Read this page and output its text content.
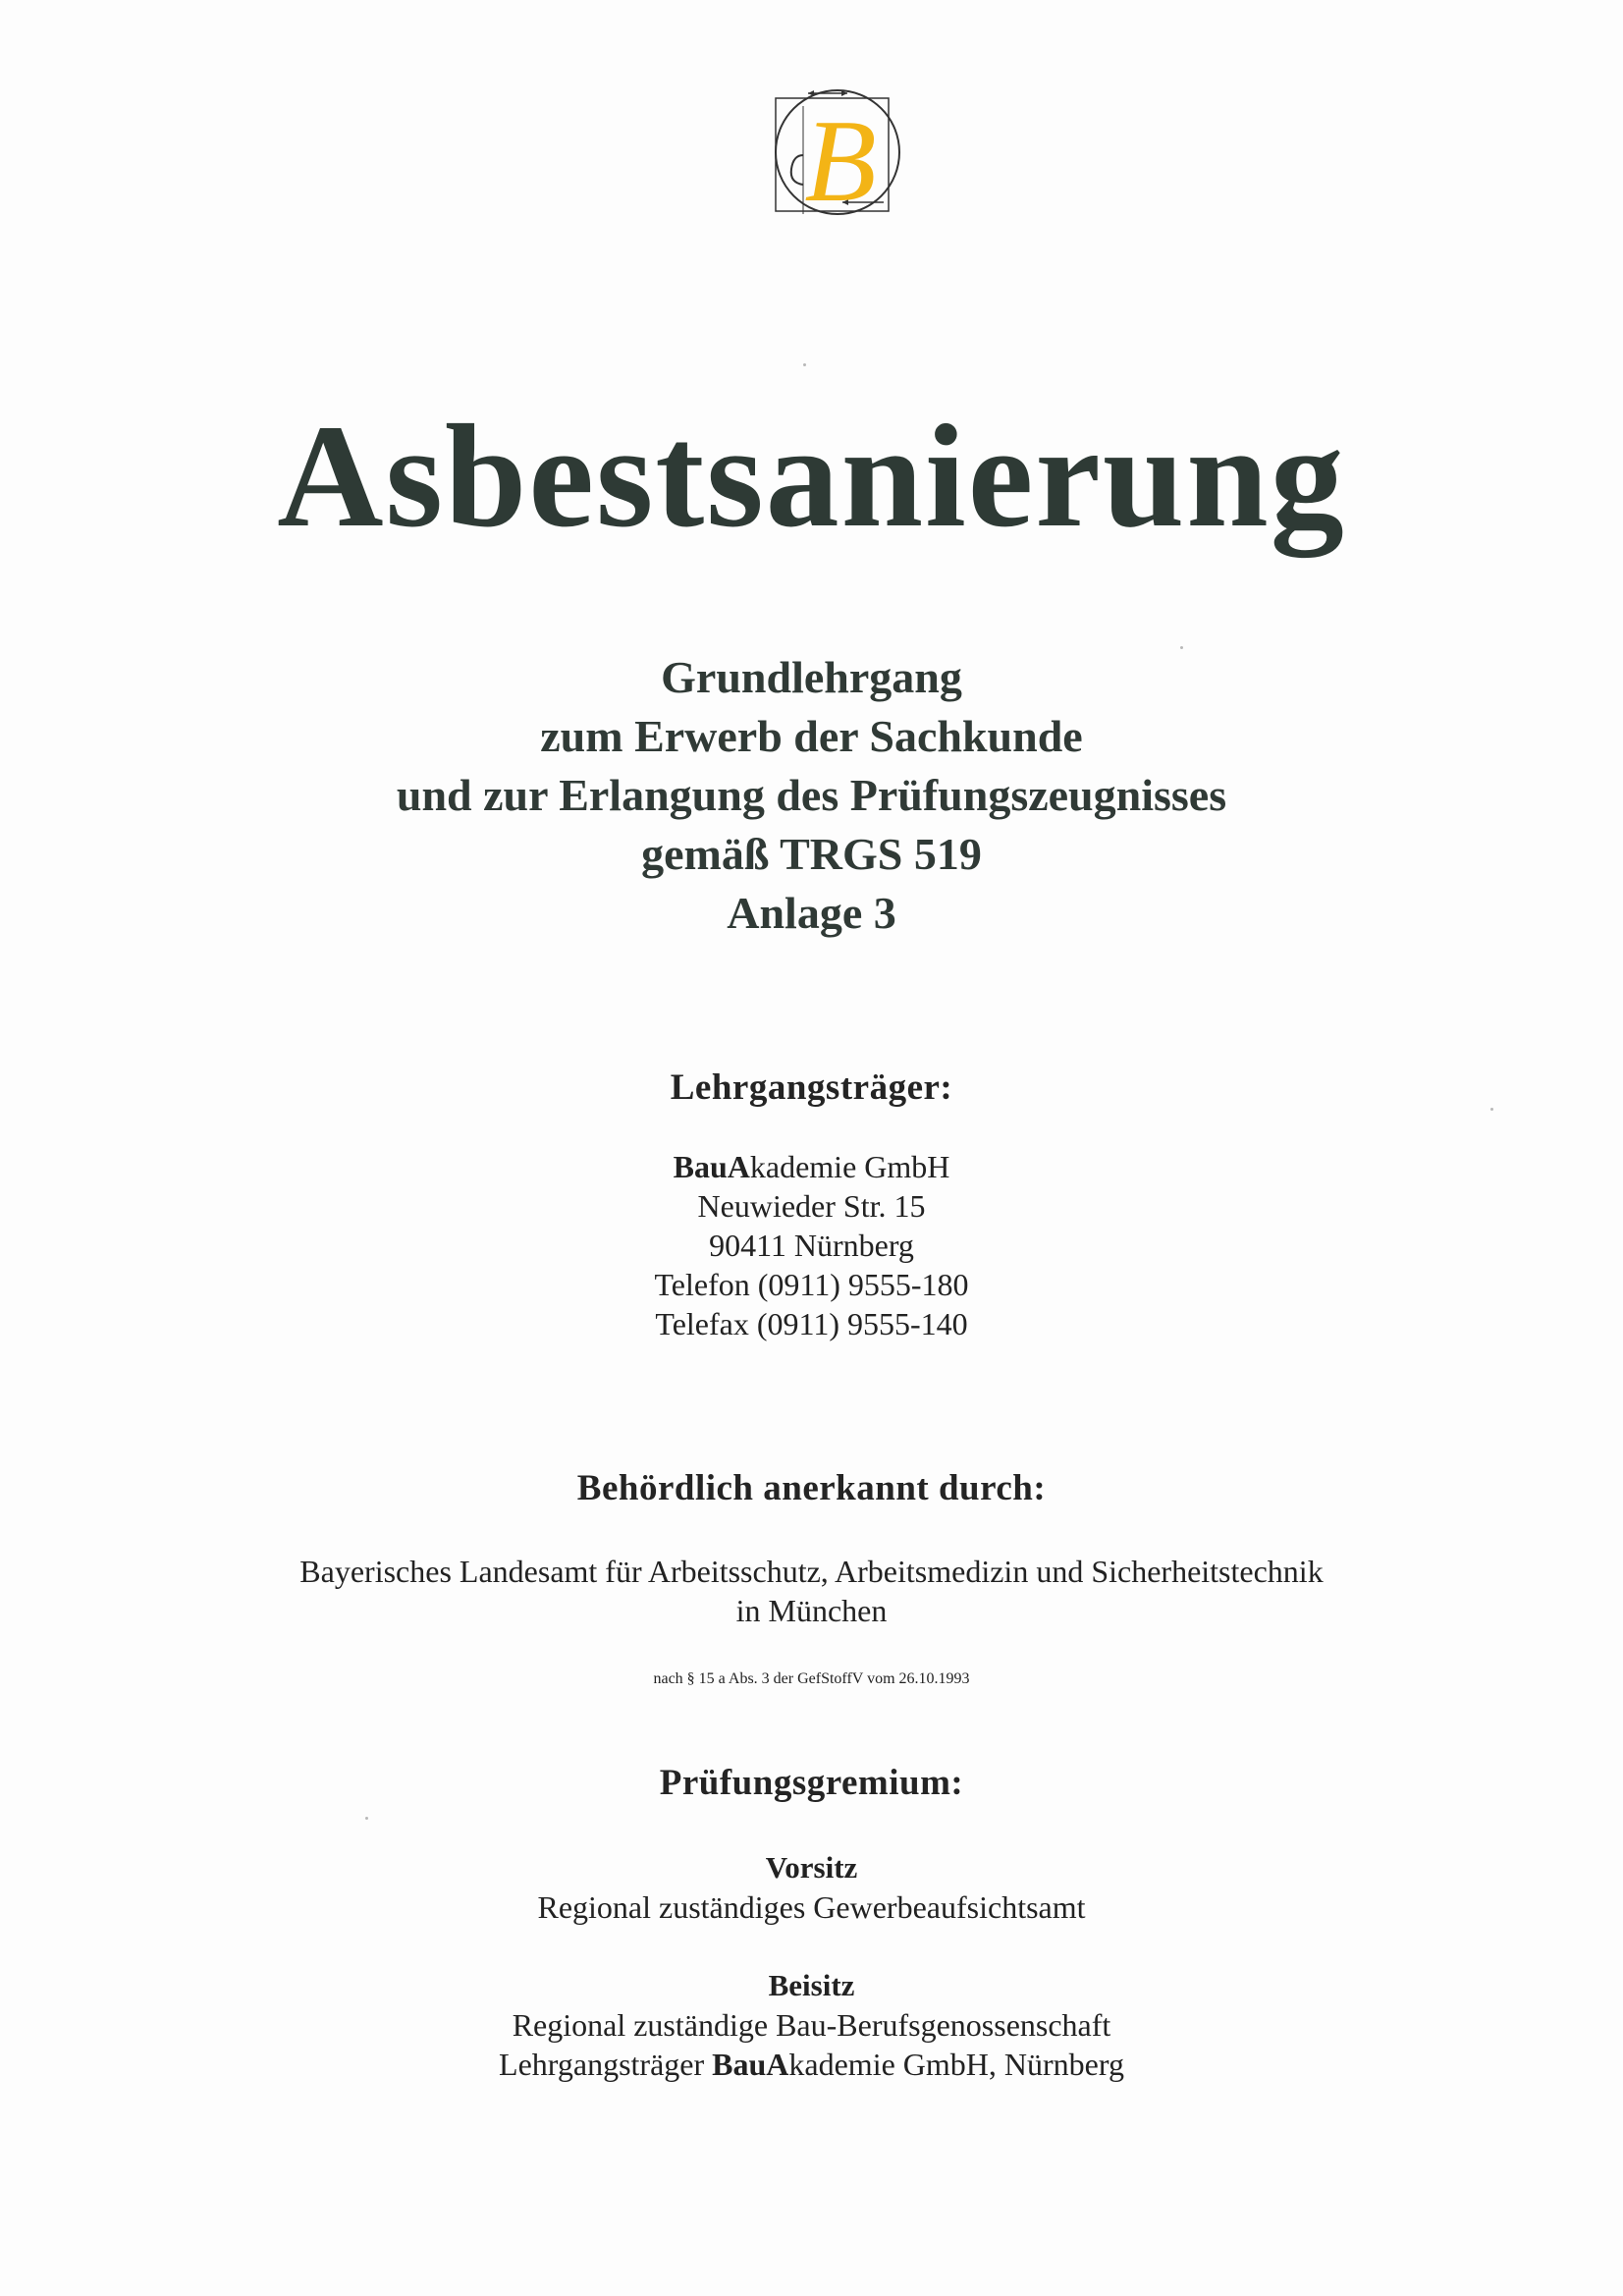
B
Asbestsanierung
Grundlehrgang
zum Erwerb der Sachkunde
und zur Erlangung des Prüfungszeugnisses
gemäß TRGS 519
Anlage 3
Lehrgangsträger:
BauAkademie GmbH
Neuwieder Str. 15
90411 Nürnberg
Telefon (0911) 9555-180
Telefax (0911) 9555-140
Behördlich anerkannt durch:
Bayerisches Landesamt für Arbeitsschutz, Arbeitsmedizin und Sicherheitstechnik
in München
nach § 15 a Abs. 3 der GefStoffV vom 26.10.1993
Prüfungsgremium:
Vorsitz
Regional zuständiges Gewerbeaufsichtsamt
Beisitz
Regional zuständige Bau-Berufsgenossenschaft
Lehrgangsträger BauAkademie GmbH, Nürnberg
